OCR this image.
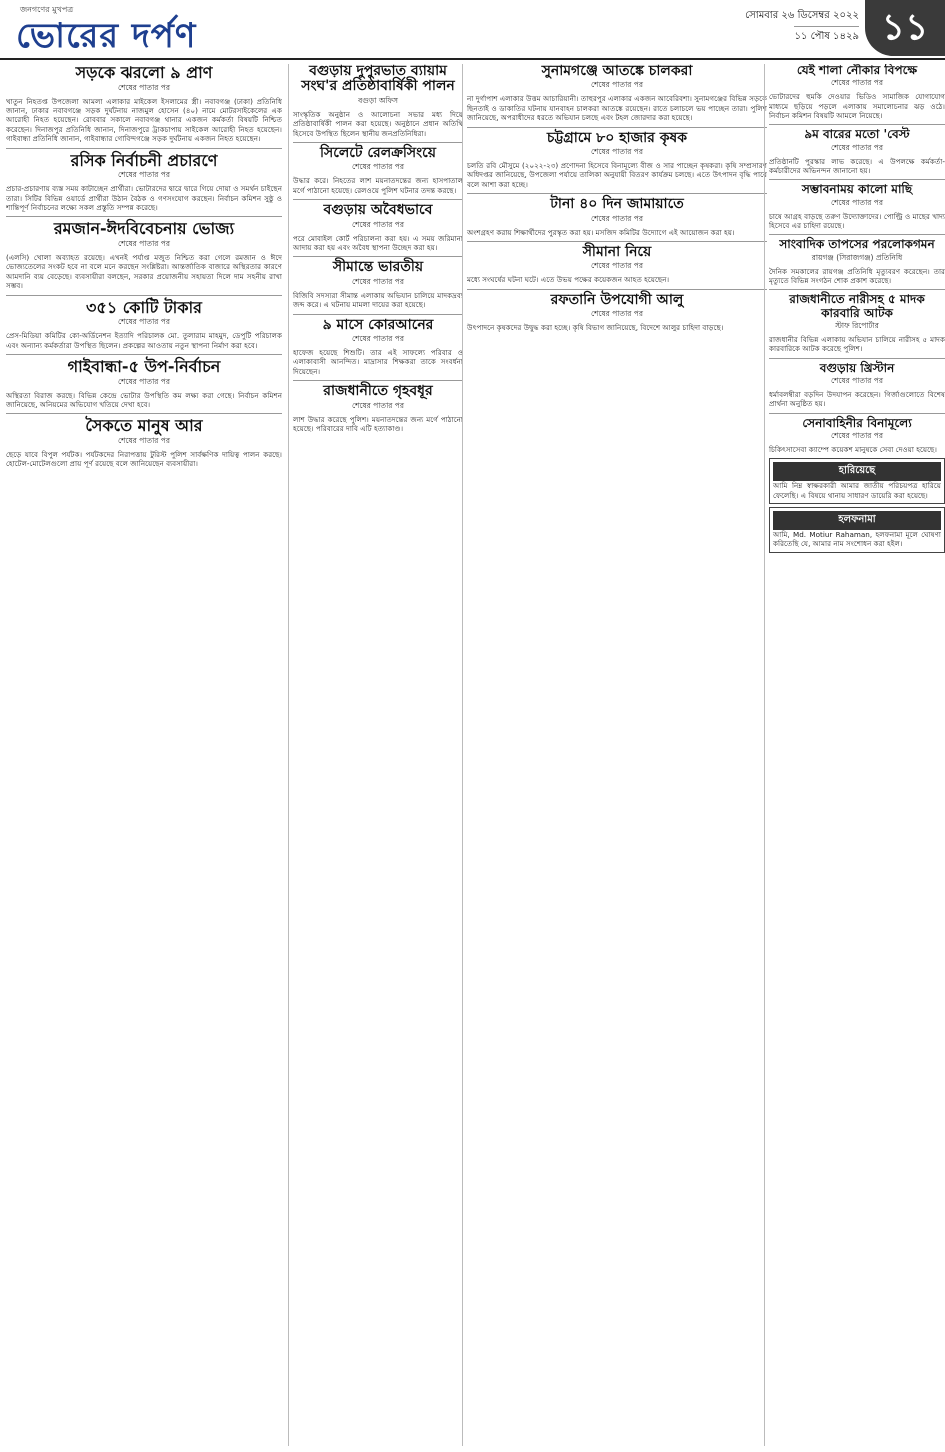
জনগণের মুখপত্র
ভোরের দর্পণ
সোমবার ২৬ ডিসেম্বর ২০২২
১১ পৌষ ১৪২৯ ১১
সড়কে ঝরলো ৯ প্রাণ
শেষের পাতার পর

খাতুন নিহতপ্ত উপজেলা আমলা এলাকার মাইকেল ইসলামের স্ত্রী। নবাবগঞ্জ (ঢাকা) প্রতিনিধি জানান, ঢাকার নবাবগঞ্জে সড়ক দুর্ঘটনায় নাজমুল হোসেন (৪০) নামে মোটরসাইকেলের এক আরোহী নিহত হয়েছেন। রোববার সকালে নবাবগঞ্জ থানার একজন কর্মকর্তা বিষয়টি নিশ্চিত করেছেন। দিনাজপুর প্রতিনিধি জানান, দিনাজপুরে ট্রাকচাপায় সাইকেল আরোহী নিহত হয়েছেন। গাইবান্ধা প্রতিনিধি জানান, গাইবান্ধার গোবিন্দগঞ্জে সড়ক দুর্ঘটনায় একজন নিহত হয়েছেন।

রসিক নির্বাচনী প্রচারণে
শেষের পাতার পর

প্রচার-প্রচারণায় ব্যস্ত সময় কাটাচ্ছেন প্রার্থীরা। ভোটারদের দ্বারে দ্বারে গিয়ে দোয়া ও সমর্থন চাইছেন তারা। সিটির বিভিন্ন ওয়ার্ডে প্রার্থীরা উঠান বৈঠক ও গণসংযোগ করছেন। নির্বাচন কমিশন সুষ্ঠু ও শান্তিপূর্ণ নির্বাচনের লক্ষ্যে সকল প্রস্তুতি সম্পন্ন করেছে।

রমজান-ঈদবিবেচনায় ভোজ্য
শেষের পাতার পর

(এলসি) খোলা অব্যাহত রয়েছে। এখনই পর্যাপ্ত মজুত নিশ্চিত করা গেলে রমজান ও ঈদে ভোজ্যতেলের সংকট হবে না বলে মনে করছেন সংশ্লিষ্টরা। আন্তর্জাতিক বাজারে অস্থিরতার কারণে আমদানি ব্যয় বেড়েছে। ব্যবসায়ীরা বলছেন, সরকার প্রয়োজনীয় সহায়তা দিলে দাম সহনীয় রাখা সম্ভব।

৩৫১ কোটি টাকার
শেষের পাতার পর

প্রেস-মিডিয়া কমিটির কো-অর্ডিনেশন ইত্যাদি পরিচালক মো. তুলারাম মাহমুদ, ডেপুটি পরিচালক এবং অন্যান্য কর্মকর্তারা উপস্থিত ছিলেন। প্রকল্পের আওতায় নতুন স্থাপনা নির্মাণ করা হবে।

গাইবান্ধা-৫ উপ-নির্বাচন
শেষের পাতার পর

অস্থিরতা বিরাজ করছে। বিভিন্ন কেন্দ্রে ভোটার উপস্থিতি কম লক্ষ্য করা গেছে। নির্বাচন কমিশন জানিয়েছে, অনিয়মের অভিযোগ খতিয়ে দেখা হবে।

সৈকতে মানুষ আর
শেষের পাতার পর

ছেড়ে যাবে বিপুল পর্যটক। পর্যটকদের নিরাপত্তায় টুরিস্ট পুলিশ সার্বক্ষণিক দায়িত্ব পালন করছে। হোটেল-মোটেলগুলো প্রায় পূর্ণ রয়েছে বলে জানিয়েছেন ব্যবসায়ীরা।

বগুড়ায় দুপুরভাত ব্যায়াম সংঘ'র প্রতিষ্ঠাবার্ষিকী পালন
বগুড়া অফিস

সাংস্কৃতিক অনুষ্ঠান ও আলোচনা সভার মধ্য দিয়ে প্রতিষ্ঠাবার্ষিকী পালন করা হয়েছে। অনুষ্ঠানে প্রধান অতিথি হিসেবে উপস্থিত ছিলেন স্থানীয় জনপ্রতিনিধিরা।

সিলেটে রেলক্রসিংয়ে
শেষের পাতার পর

উদ্ধার করে। নিহতের লাশ ময়নাতদন্তের জন্য হাসপাতাল মর্গে পাঠানো হয়েছে। রেলওয়ে পুলিশ ঘটনার তদন্ত করছে।

বগুড়ায় অবৈধভাবে
শেষের পাতার পর

পরে মোবাইল কোর্ট পরিচালনা করা হয়। এ সময় জরিমানা আদায় করা হয় এবং অবৈধ স্থাপনা উচ্ছেদ করা হয়।

সীমান্তে ভারতীয়
শেষের পাতার পর

বিজিবি সদস্যরা সীমান্ত এলাকায় অভিযান চালিয়ে মাদকদ্রব্য জব্দ করে। এ ঘটনায় মামলা দায়ের করা হয়েছে।

৯ মাসে কোরআনের
শেষের পাতার পর

হাফেজ হয়েছে শিশুটি। তার এই সাফল্যে পরিবার ও এলাকাবাসী আনন্দিত। মাদ্রাসার শিক্ষকরা তাকে সংবর্ধনা দিয়েছেন।

রাজধানীতে গৃহবধূর
শেষের পাতার পর

লাশ উদ্ধার করেছে পুলিশ। ময়নাতদন্তের জন্য মর্গে পাঠানো হয়েছে। পরিবারের দাবি এটি হত্যাকাণ্ড।

সুনামগঞ্জে আতঙ্কে চালকরা
শেষের পাতার পর

না দুর্গাপাশ এলাকার উত্তম আচারিয়ানী। তাহুরপুর এলাকার একজন আবেরিবশা। সুনামগঞ্জের বিভিন্ন সড়কে ছিনতাই ও ডাকাতির ঘটনায় যানবাহন চালকরা আতঙ্কে রয়েছেন। রাতে চলাচলে ভয় পাচ্ছেন তারা। পুলিশ জানিয়েছে, অপরাধীদের ধরতে অভিযান চলছে এবং টহল জোরদার করা হয়েছে।

চট্টগ্রামে ৮০ হাজার কৃষক
শেষের পাতার পর

চলতি রবি মৌসুমে (২০২২-২৩) প্রণোদনা হিসেবে বিনামূল্যে বীজ ও সার পাচ্ছেন কৃষকরা। কৃষি সম্প্রসারণ অধিদপ্তর জানিয়েছে, উপজেলা পর্যায়ে তালিকা অনুযায়ী বিতরণ কার্যক্রম চলছে। এতে উৎপাদন বৃদ্ধি পাবে বলে আশা করা হচ্ছে।

টানা ৪০ দিন জামায়াতে
শেষের পাতার পর

অংশগ্রহণ করায় শিক্ষার্থীদের পুরস্কৃত করা হয়। মসজিদ কমিটির উদ্যোগে এই আয়োজন করা হয়।

সীমানা নিয়ে
শেষের পাতার পর

মধ্যে সংঘর্ষের ঘটনা ঘটে। এতে উভয় পক্ষের কয়েকজন আহত হয়েছেন।

রফতানি উপযোগী আলু
শেষের পাতার পর

উৎপাদনে কৃষকদের উদ্বুদ্ধ করা হচ্ছে। কৃষি বিভাগ জানিয়েছে, বিদেশে আলুর চাহিদা বাড়ছে।

যেই শালা নৌকার বিপক্ষে
শেষের পাতার পর

ভোটারদের হুমকি দেওয়ার ভিডিও সামাজিক যোগাযোগ মাধ্যমে ছড়িয়ে পড়লে এলাকায় সমালোচনার ঝড় ওঠে। নির্বাচন কমিশন বিষয়টি আমলে নিয়েছে।

৯ম বারের মতো 'বেস্ট
শেষের পাতার পর

প্রতিষ্ঠানটি পুরস্কার লাভ করেছে। এ উপলক্ষে কর্মকর্তা-কর্মচারীদের অভিনন্দন জানানো হয়।

সম্ভাবনাময় কালো মাছি
শেষের পাতার পর

চাষে আগ্রহ বাড়ছে তরুণ উদ্যোক্তাদের। পোল্ট্রি ও মাছের খাদ্য হিসেবে এর চাহিদা রয়েছে।

সাংবাদিক তাপসের পরলোকগমন
রায়গঞ্জ (সিরাজগঞ্জ) প্রতিনিধি

দৈনিক সমকালের রায়গঞ্জ প্রতিনিধি মৃত্যুবরণ করেছেন। তার মৃত্যুতে বিভিন্ন সংগঠন শোক প্রকাশ করেছে।

রাজধানীতে নারীসহ ৫ মাদক কারবারি আটক
স্টাফ রিপোর্টার

রাজধানীর বিভিন্ন এলাকায় অভিযান চালিয়ে নারীসহ ৫ মাদক কারবারিকে আটক করেছে পুলিশ।

বগুড়ায় খ্রিস্টান
শেষের পাতার পর

ধর্মাবলম্বীরা বড়দিন উদযাপন করেছেন। গির্জাগুলোতে বিশেষ প্রার্থনা অনুষ্ঠিত হয়।

সেনাবাহিনীর বিনামূল্যে
শেষের পাতার পর

চিকিৎসাসেবা ক্যাম্পে কয়েকশ মানুষকে সেবা দেওয়া হয়েছে।

হারিয়েছে

আমি নিম্ন স্বাক্ষরকারী আমার জাতীয় পরিচয়পত্র হারিয়ে ফেলেছি। এ বিষয়ে থানায় সাধারণ ডায়েরি করা হয়েছে।

হলফনামা

আমি, Md. Motiur Rahaman, হলফনামা মূলে ঘোষণা করিতেছি যে, আমার নাম সংশোধন করা হইল।
